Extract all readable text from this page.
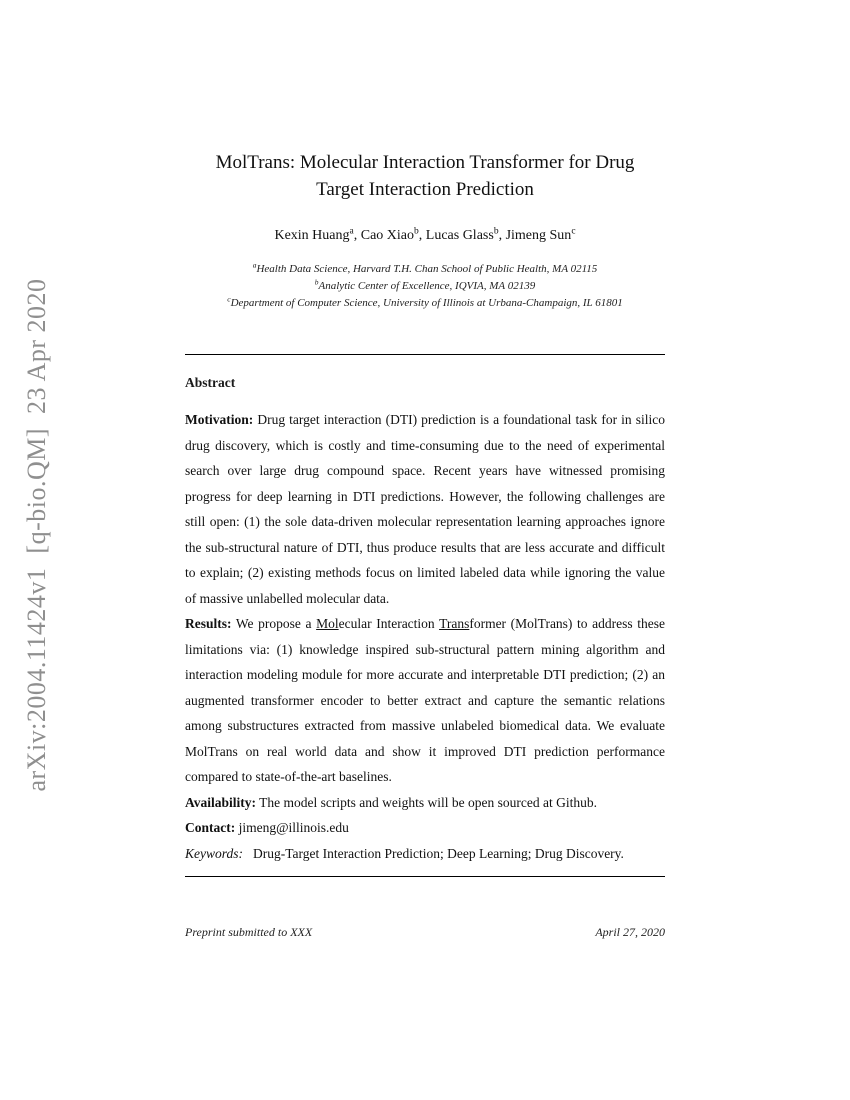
arXiv:2004.11424v1  [q-bio.QM]  23 Apr 2020
MolTrans: Molecular Interaction Transformer for Drug
Target Interaction Prediction
Kexin Huang$^a$, Cao Xiao$^b$, Lucas Glass$^b$, Jimeng Sun$^c$
$^a$Health Data Science, Harvard T.H. Chan School of Public Health, MA 02115
$^b$Analytic Center of Excellence, IQVIA, MA 02139
$^c$Department of Computer Science, University of Illinois at Urbana-Champaign, IL 61801
Abstract

Motivation: Drug target interaction (DTI) prediction is a foundational task for in silico drug discovery, which is costly and time-consuming due to the need of experimental search over large drug compound space. Recent years have witnessed promising progress for deep learning in DTI predictions. However, the following challenges are still open: (1) the sole data-driven molecular representation learning approaches ignore the sub-structural nature of DTI, thus produce results that are less accurate and difficult to explain; (2) existing methods focus on limited labeled data while ignoring the value of massive unlabelled molecular data.

Results: We propose a Molecular Interaction Transformer (MolTrans) to address these limitations via: (1) knowledge inspired sub-structural pattern mining algorithm and interaction modeling module for more accurate and interpretable DTI prediction; (2) an augmented transformer encoder to better extract and capture the semantic relations among substructures extracted from massive unlabeled biomedical data. We evaluate MolTrans on real world data and show it improved DTI prediction performance compared to state-of-the-art baselines.

Availability: The model scripts and weights will be open sourced at Github.

Contact: jimeng@illinois.edu

Keywords: Drug-Target Interaction Prediction; Deep Learning; Drug Discovery.

Preprint submitted to XXX	April 27, 2020
